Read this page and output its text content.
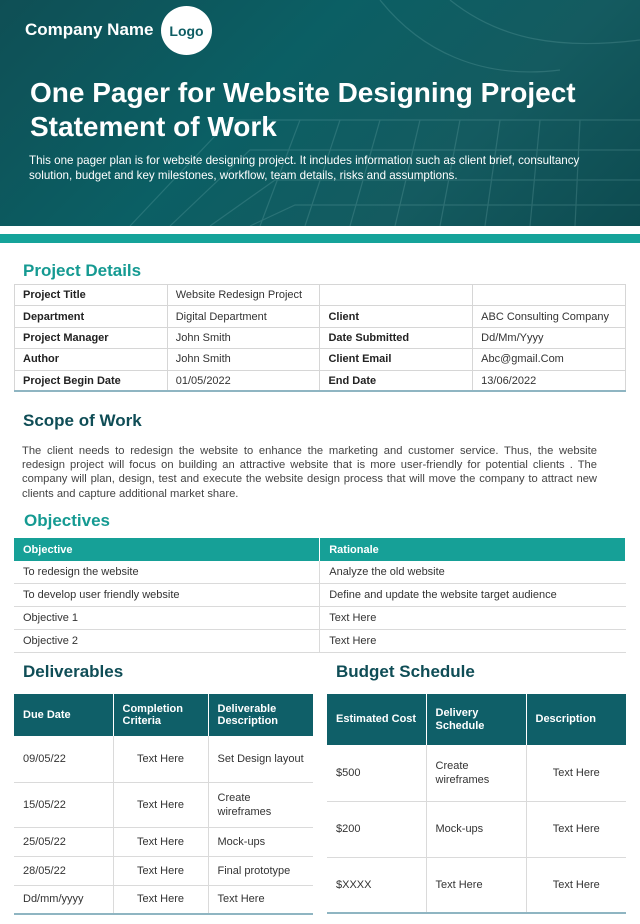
Company Name	Logo
One Pager for Website Designing Project Statement of Work
This one pager plan is for website designing project. It includes information such as client brief, consultancy solution, budget and key milestones, workflow, team details, risks and assumptions.
Project Details
Project Title	Website Redesign Project		
Department	Digital Department	Client	ABC Consulting Company
Project Manager	John Smith	Date Submitted	Dd/Mm/Yyyy
Author	John Smith	Client Email	Abc@gmail.Com
Project Begin Date	01/05/2022	End Date	13/06/2022
Scope of Work
The client needs to redesign the website to enhance the marketing and customer service. Thus, the website redesign project will focus on building an attractive website that is more user-friendly for potential clients . The company will plan, design, test and execute the website design process that will move the company to attract new clients and capture additional market share.
Objectives
Objective	Rationale
To redesign the website	Analyze the old website
To develop user friendly website	Define and update the website target audience
Objective 1	Text Here
Objective 2	Text Here
Deliverables
Due Date	Completion Criteria	Deliverable Description
09/05/22	Text Here	Set Design layout
15/05/22	Text Here	Create wireframes
25/05/22	Text Here	Mock-ups
28/05/22	Text Here	Final prototype
Dd/mm/yyyy	Text Here	Text Here
Budget Schedule
Estimated Cost	Delivery Schedule	Description
$500	Create wireframes	Text Here
$200	Mock-ups	Text Here
$XXXX	Text Here	Text Here
